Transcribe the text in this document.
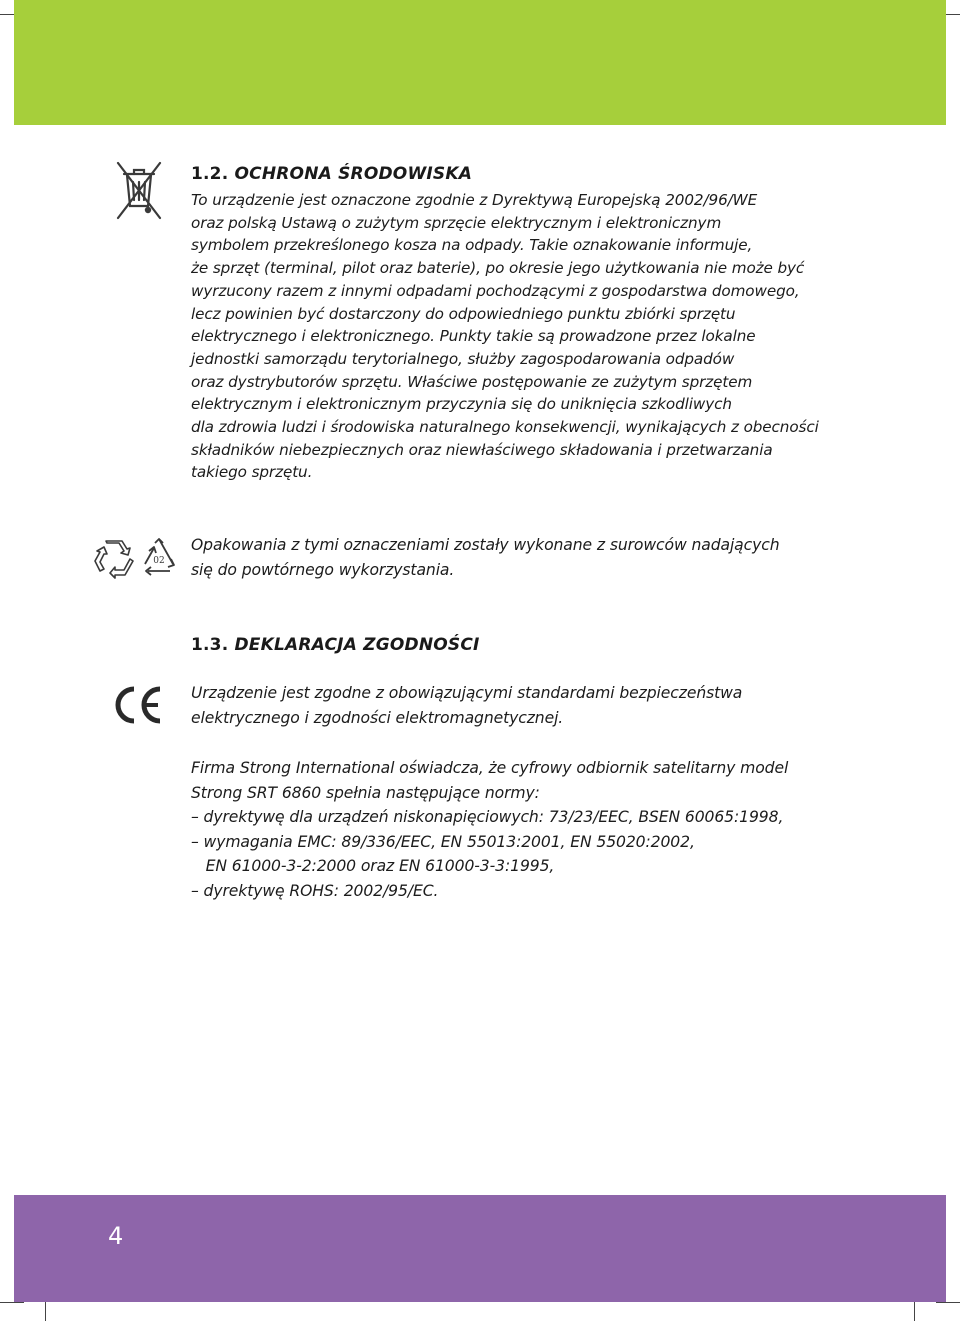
1.2. OCHRONA ŚRODOWISKA
To urządzenie jest oznaczone zgodnie z Dyrektywą Europejską 2002/96/WE
oraz polską Ustawą o zużytym sprzęcie elektrycznym i elektronicznym
symbolem przekreślonego kosza na odpady. Takie oznakowanie informuje,
że sprzęt (terminal, pilot oraz baterie), po okresie jego użytkowania nie może być
wyrzucony razem z innymi odpadami pochodzącymi z gospodarstwa domowego,
lecz powinien być dostarczony do odpowiedniego punktu zbiórki sprzętu
elektrycznego i elektronicznego. Punkty takie są prowadzone przez lokalne
jednostki samorządu terytorialnego, służby zagospodarowania odpadów
oraz dystrybutorów sprzętu. Właściwe postępowanie ze zużytym sprzętem
elektrycznym i elektronicznym przyczynia się do uniknięcia szkodliwych
dla zdrowia ludzi i środowiska naturalnego konsekwencji, wynikających z obecności
składników niebezpiecznych oraz niewłaściwego składowania i przetwarzania
takiego sprzętu.
02
Opakowania z tymi oznaczeniami zostały wykonane z surowców nadających
się do powtórnego wykorzystania.
1.3. DEKLARACJA ZGODNOŚCI
Urządzenie jest zgodne z obowiązującymi standardami bezpieczeństwa
elektrycznego i zgodności elektromagnetycznej.
Firma Strong International oświadcza, że cyfrowy odbiornik satelitarny model
Strong SRT 6860 spełnia następujące normy:
– dyrektywę dla urządzeń niskonapięciowych: 73/23/EEC, BSEN 60065:1998,
– wymagania EMC: 89/336/EEC, EN 55013:2001, EN 55020:2002,
EN 61000-3-2:2000 oraz EN 61000-3-3:1995,
– dyrektywę ROHS: 2002/95/EC.
4
